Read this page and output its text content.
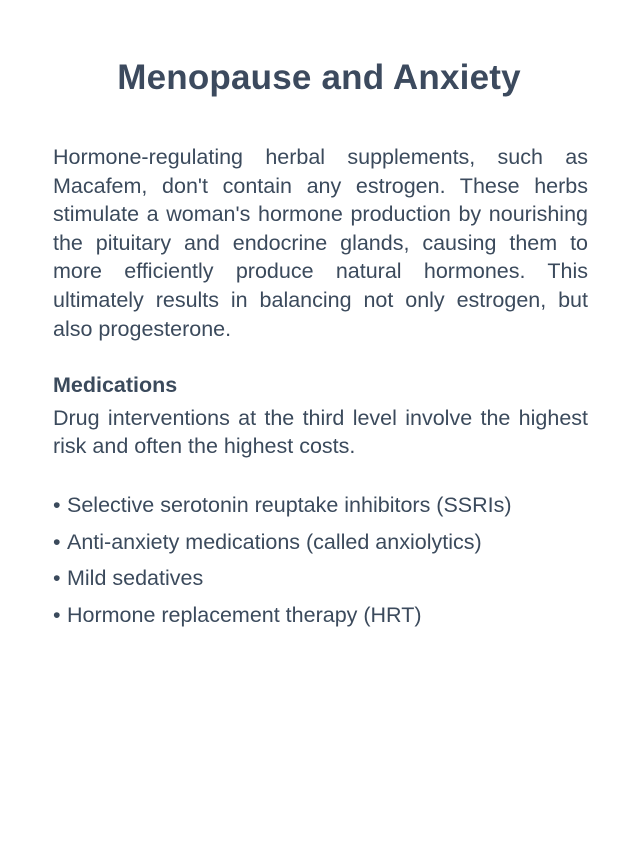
Menopause and Anxiety

Hormone-regulating herbal supplements, such as Macafem, don't contain any estrogen. These herbs stimulate a woman's hormone production by nourishing the pituitary and endocrine glands, causing them to more efficiently produce natural hormones. This ultimately results in balancing not only estrogen, but also progesterone.

Medications

Drug interventions at the third level involve the highest risk and often the highest costs.

• Selective serotonin reuptake inhibitors (SSRIs)
• Anti-anxiety medications (called anxiolytics)
• Mild sedatives
• Hormone replacement therapy (HRT)
